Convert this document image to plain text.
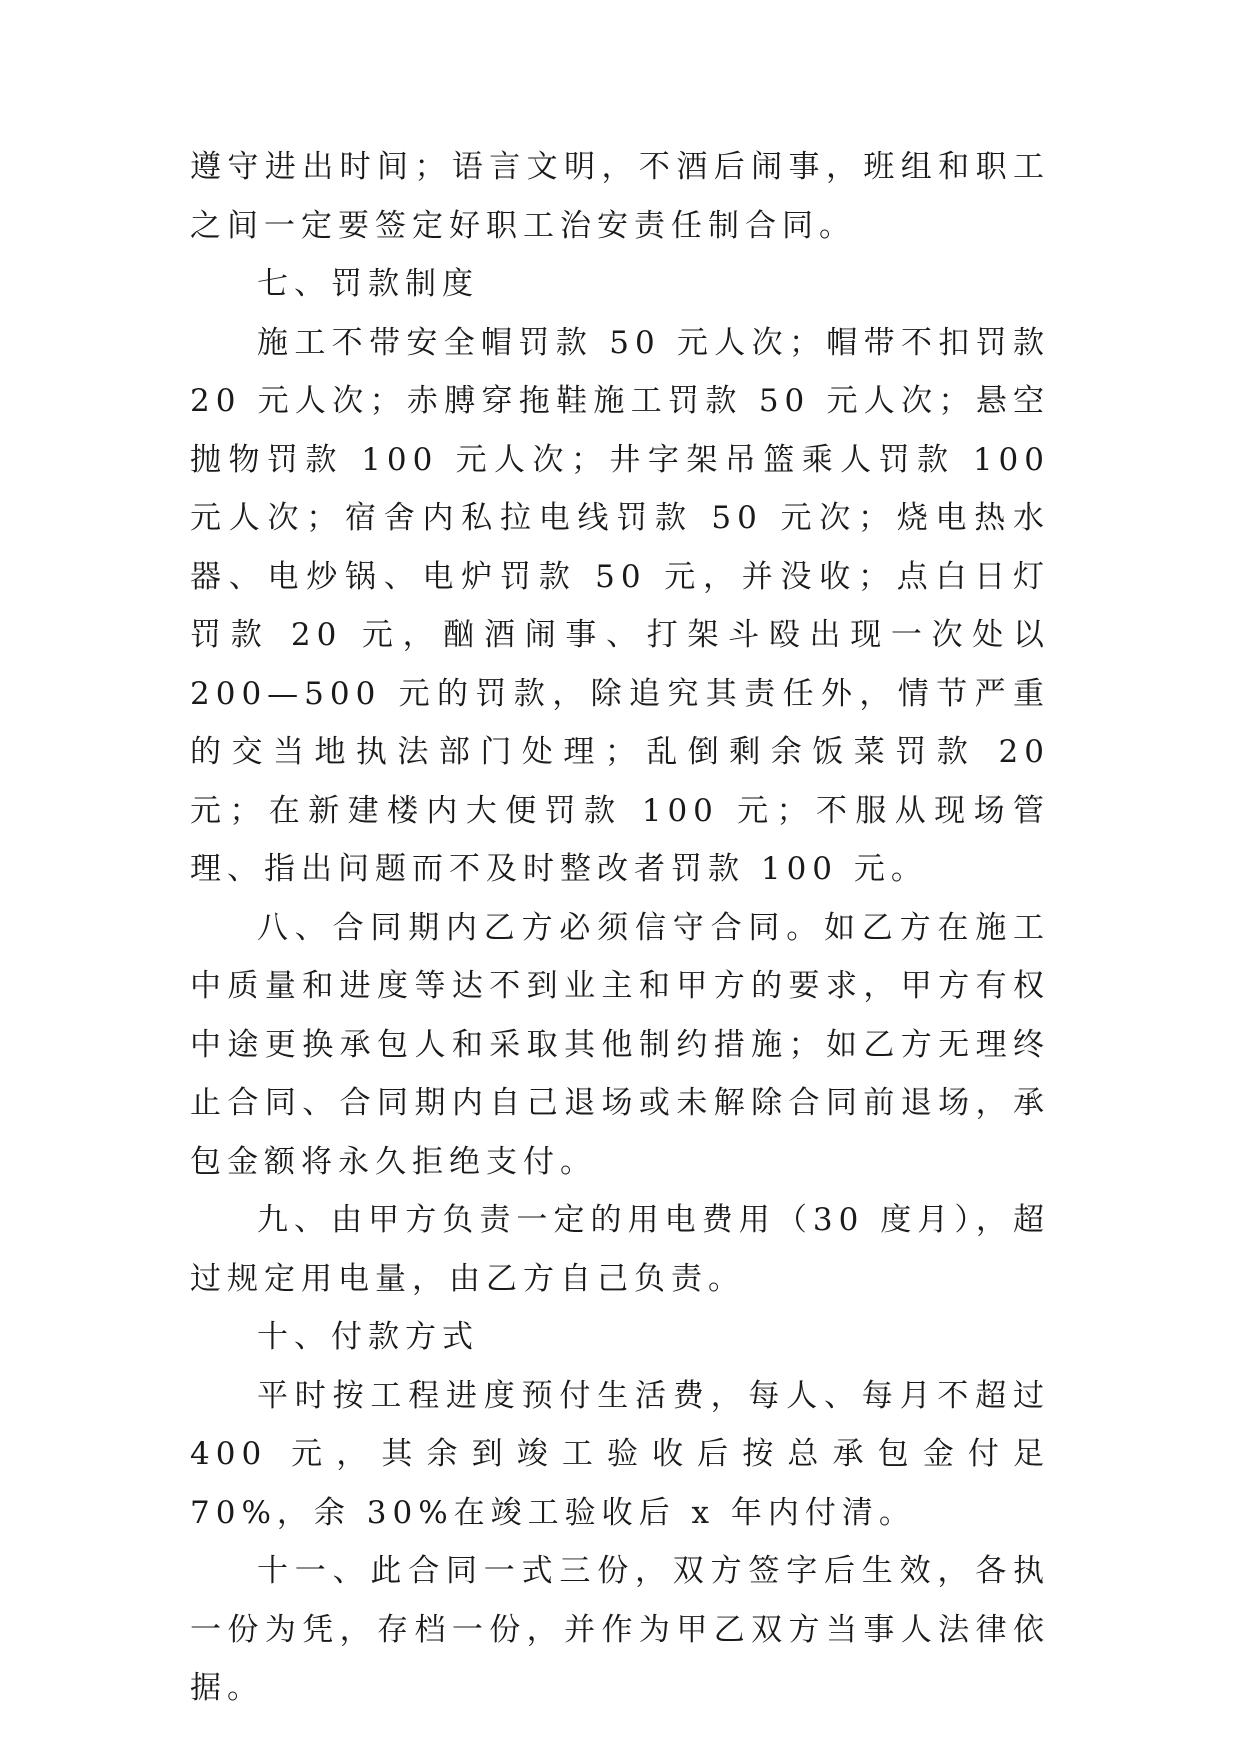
遵守进出时间；语言文明，不酒后闹事，班组和职工之间一定要签定好职工治安责任制合同。

七、罚款制度

施工不带安全帽罚款 50 元人次；帽带不扣罚款 20 元人次；赤膊穿拖鞋施工罚款 50 元人次；悬空抛物罚款 100 元人次；井字架吊篮乘人罚款 100 元人次；宿舍内私拉电线罚款 50 元次；烧电热水器、电炒锅、电炉罚款 50 元，并没收；点白日灯罚款 20 元，酗酒闹事、打架斗殴出现一次处以 200—500 元的罚款，除追究其责任外，情节严重的交当地执法部门处理；乱倒剩余饭菜罚款 20 元；在新建楼内大便罚款 100 元；不服从现场管理、指出问题而不及时整改者罚款 100 元。

八、合同期内乙方必须信守合同。如乙方在施工中质量和进度等达不到业主和甲方的要求，甲方有权中途更换承包人和采取其他制约措施；如乙方无理终止合同、合同期内自己退场或未解除合同前退场，承包金额将永久拒绝支付。

九、由甲方负责一定的用电费用（30 度月），超过规定用电量，由乙方自己负责。

十、付款方式

平时按工程进度预付生活费，每人、每月不超过 400 元，其余到竣工验收后按总承包金付足 70%，余 30%在竣工验收后 x 年内付清。

十一、此合同一式三份，双方签字后生效，各执一份为凭，存档一份，并作为甲乙双方当事人法律依据。
